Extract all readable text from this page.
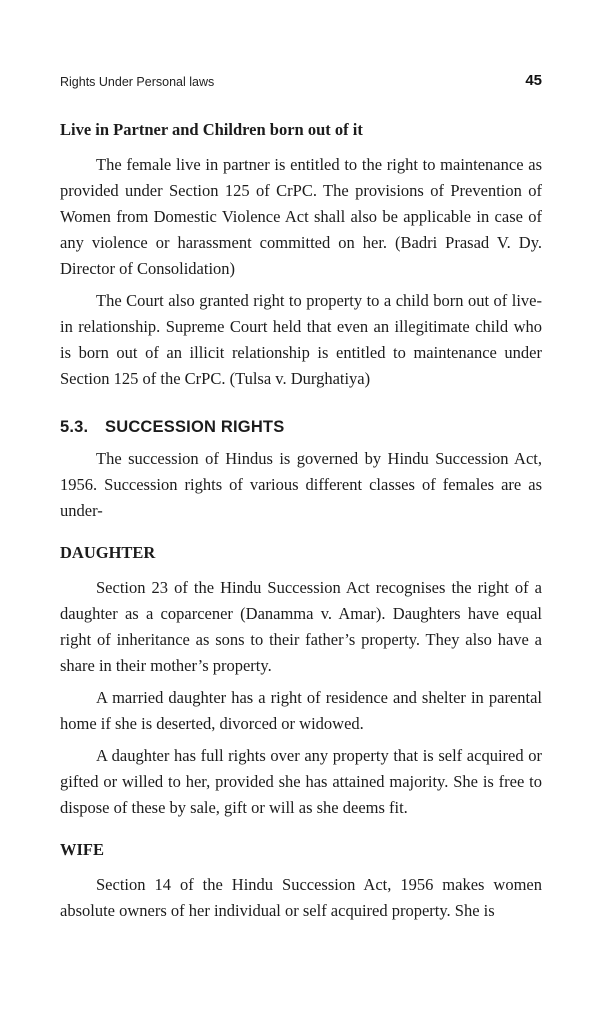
Rights Under Personal laws	45
Live in Partner and Children born out of it

The female live in partner is entitled to the right to maintenance as provided under Section 125 of CrPC. The provisions of Prevention of Women from Domestic Violence Act shall also be applicable in case of any violence or harassment committed on her. (Badri Prasad V. Dy. Director of Consolidation)

The Court also granted right to property to a child born out of live-in relationship. Supreme Court held that even an illegitimate child who is born out of an illicit relationship is entitled to maintenance under Section 125 of the CrPC. (Tulsa v. Durghatiya)

5.3. SUCCESSION RIGHTS

The succession of Hindus is governed by Hindu Succession Act, 1956. Succession rights of various different classes of females are as under-

DAUGHTER

Section 23 of the Hindu Succession Act recognises the right of a daughter as a coparcener (Danamma v. Amar). Daughters have equal right of inheritance as sons to their father’s property. They also have a share in their mother’s property.

A married daughter has a right of residence and shelter in parental home if she is deserted, divorced or widowed.

A daughter has full rights over any property that is self acquired or gifted or willed to her, provided she has attained majority. She is free to dispose of these by sale, gift or will as she deems fit.

WIFE

Section 14 of the Hindu Succession Act, 1956 makes women absolute owners of her individual or self acquired property. She is
